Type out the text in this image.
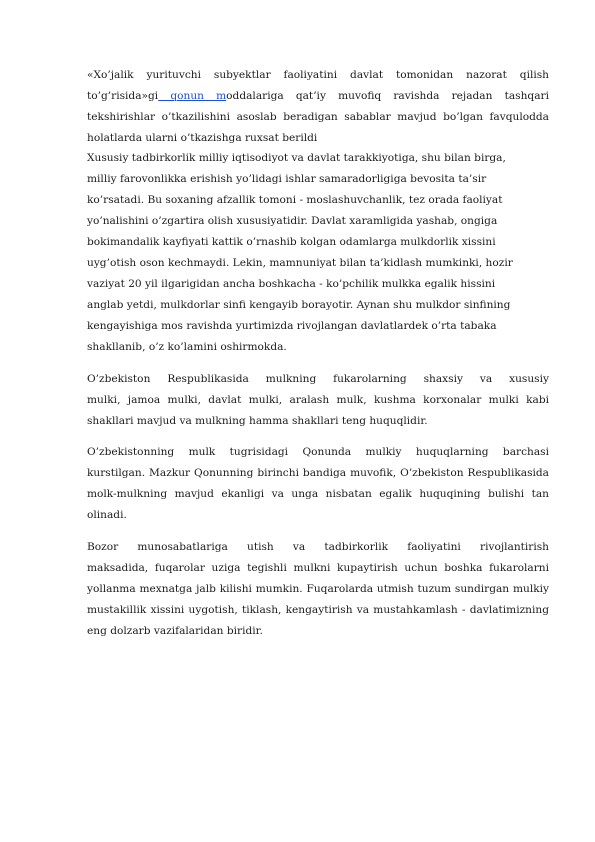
«Xo’jalik yurituvchi subyektlar faoliyatini davlat tomonidan nazorat qilish
to’g’risida»gi qonun moddalariga qat’iy muvofiq ravishda rejadan tashqari
tekshirishlar o’tkazilishini asoslab beradigan sabablar mavjud bo’lgan favqulodda
holatlarda ularni o’tkazishga ruxsat berildi
Xususiy tadbirkorlik milliy iqtisodiyot va davlat tarakkiyotiga, shu bilan birga,
milliy farovonlikka erishish yo’lidagi ishlar samaradorligiga bevosita ta’sir
ko’rsatadi. Bu soxaning afzallik tomoni - moslashuvchanlik, tez orada faoliyat
yo’nalishini o’zgartira olish xususiyatidir. Davlat xaramligida yashab, ongiga
bokimandalik kayfiyati kattik o’rnashib kolgan odamlarga mulkdorlik xissini
uyg’otish oson kechmaydi. Lekin, mamnuniyat bilan ta’kidlash mumkinki, hozir
vaziyat 20 yil ilgarigidan ancha boshkacha - ko’pchilik mulkka egalik hissini
anglab yetdi, mulkdorlar sinfi kengayib borayotir. Aynan shu mulkdor sinfining
kengayishiga mos ravishda yurtimizda rivojlangan davlatlardek o’rta tabaka
shakllanib, o’z ko’lamini oshirmokda.
O’zbekiston Respublikasida mulkning fukarolarning shaxsiy va xususiy
mulki, jamoa mulki, davlat mulki, aralash mulk, kushma korxonalar mulki kabi
shakllari mavjud va mulkning hamma shakllari teng huquqlidir.
O’zbekistonning mulk tugrisidagi Qonunda mulkiy huquqlarning barchasi
kurstilgan. Mazkur Qonunning birinchi bandiga muvofik, O’zbekiston Respublikasida
molk-mulkning mavjud ekanligi va unga nisbatan egalik huquqining bulishi tan
olinadi.
Bozor munosabatlariga utish va tadbirkorlik faoliyatini rivojlantirish
maksadida, fuqarolar uziga tegishli mulkni kupaytirish uchun boshka fukarolarni
yollanma mexnatga jalb kilishi mumkin. Fuqarolarda utmish tuzum sundirgan mulkiy
mustakillik xissini uygotish, tiklash, kengaytirish va mustahkamlash - davlatimizning
eng dolzarb vazifalaridan biridir.
